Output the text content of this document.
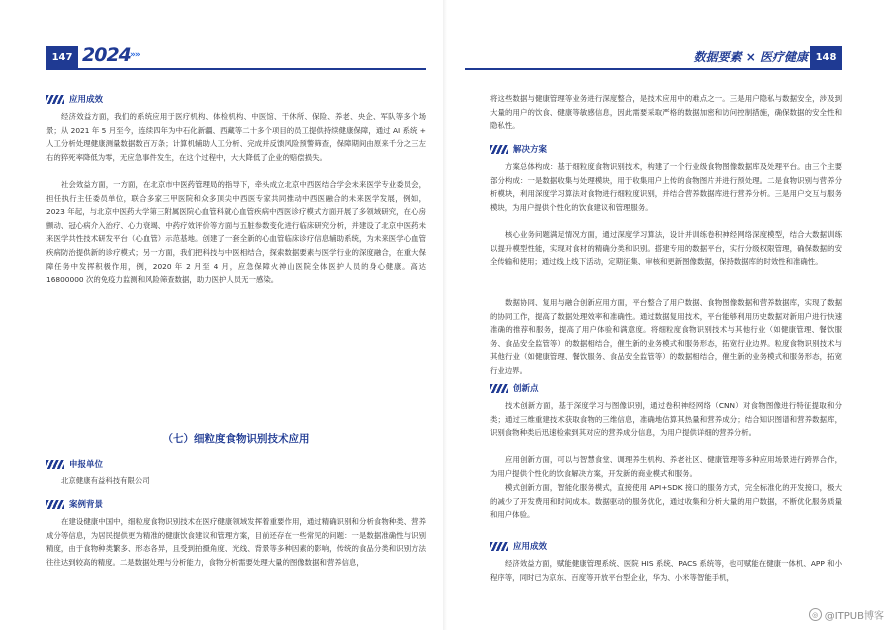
147 2024 »»
应用成效

经济效益方面，我们的系统应用于医疗机构、体检机构、中医馆、干休所、保险、养老、央企、军队等多个场景；从 2021 年 5 月至今，连续四年为中石化新疆、西藏等二十多个项目的员工提供持续健康保障，通过 AI 系统 + 人工分析处理健康测量数据数百万条；计算机辅助人工分析、完成并反馈风险预警筛查，保障期间由原来千分之三左右的猝死率降低为零，无应急事件发生，在这个过程中，大大降低了企业的赔偿损失。

社会效益方面，一方面，在北京市中医药管理局的指导下，牵头成立北京中西医结合学会未来医学专业委员会，担任执行主任委员单位，联合多家三甲医院和众多顶尖中西医专家共同推动中西医融合的未来医学发展，例如，2023 年起，与北京中医药大学第三附属医院心血管科就心血管疾病中西医诊疗模式方面开展了多领域研究，在心房颤动、冠心病介入治疗、心力衰竭、中药疗效评价等方面与五脏参数变化进行临床研究分析，并建设了北京中医药未来医学共性技术研发平台（心血管）示范基地。创建了一套全新的心血管临床诊疗信息辅助系统，为未来医学心血管疾病防治提供新的诊疗模式；另一方面，我们把科技与中医相结合，探索数据要素与医学行业的深度融合，在重大保障任务中发挥积极作用，例，2020 年 2 月至 4 月，应急保障火神山医院全体医护人员的身心健康。高达 16800000 次的免疫力监测和风险筛查数据，助力医护人员无一感染。

（七）细粒度食物识别技术应用
申报单位

北京健康有益科技有限公司

案例背景

在建设健康中国中，细粒度食物识别技术在医疗健康领域发挥着重要作用，通过精确识别和分析食物种类、营养成分等信息，为居民提供更为精准的健康饮食建议和管理方案，目前还存在一些常见的问题：一是数据准确性与识别精度，由于食物种类繁多、形态各异，且受到拍摄角度、光线、背景等多种因素的影响，传统的食品分类和识别方法往往达到较高的精度。二是数据处理与分析能力，食物分析需要处理大量的图像数据和营养信息，

数据要素 × 医疗健康 148

将这些数据与健康管理等业务进行深度整合，是技术应用中的难点之一。三是用户隐私与数据安全，涉及到大量的用户的饮食、健康等敏感信息，因此需要采取严格的数据加密和访问控制措施，确保数据的安全性和隐私性。

解决方案

方案总体构成：基于细粒度食物识别技术，构建了一个行业级食物图像数据库及处理平台。由三个主要部分构成：一是数据收集与处理模块，用于收集用户上传的食物图片并进行预处理。二是食物识别与营养分析模块，利用深度学习算法对食物进行细粒度识别，并结合营养数据库进行营养分析。三是用户交互与服务模块，为用户提供个性化的饮食建议和管理服务。

核心业务问题满足情况方面，通过深度学习算法，设计并训练卷积神经网络深度模型，结合大数据训练以提升模型性能，实现对食材的精确分类和识别。搭建专用的数据平台，实行分级权限管理，确保数据的安全传输和使用；通过线上线下活动，定期征集、审核和更新图像数据，保持数据库的时效性和准确性。

数据协同、复用与融合创新应用方面，平台整合了用户数据、食物图像数据和营养数据库，实现了数据的协同工作，提高了数据处理效率和准确性。通过数据复用技术，平台能够利用历史数据对新用户进行快速准确的推荐和服务，提高了用户体验和满意度。将细粒度食物识别技术与其他行业（如健康管理、餐饮服务、食品安全监管等）的数据相结合，催生新的业务模式和服务形态，拓宽行业边界。粒度食物识别技术与其他行业（如健康管理、餐饮服务、食品安全监管等）的数据相结合，催生新的业务模式和服务形态，拓宽行业边界。

创新点

技术创新方面，基于深度学习与图像识别，通过卷积神经网络（CNN）对食物图像进行特征提取和分类；通过三维重建技术获取食物的三维信息，准确地估算其热量和营养成分；结合知识图谱和营养数据库，识别食物种类后迅速检索到其对应的营养成分信息，为用户提供详细的营养分析。

应用创新方面，可以与智慧食堂、调理养生机构、养老社区、健康管理等多种应用场景进行跨界合作，为用户提供个性化的饮食解决方案，开发新的商业模式和服务。

模式创新方面，智能化服务模式，直接使用 API+SDK 接口的服务方式，完全标准化的开发接口，极大的减少了开发费用和时间成本。数据驱动的服务优化，通过收集和分析大量的用户数据，不断优化服务质量和用户体验。

应用成效

经济效益方面，赋能健康管理系统、医院 HIS 系统、PACS 系统等，也可赋能在健康一体机、APP 和小程序等，同时已为京东、百度等开放平台型企业，华为、小米等智能手机，

◎ @ITPUB博客
